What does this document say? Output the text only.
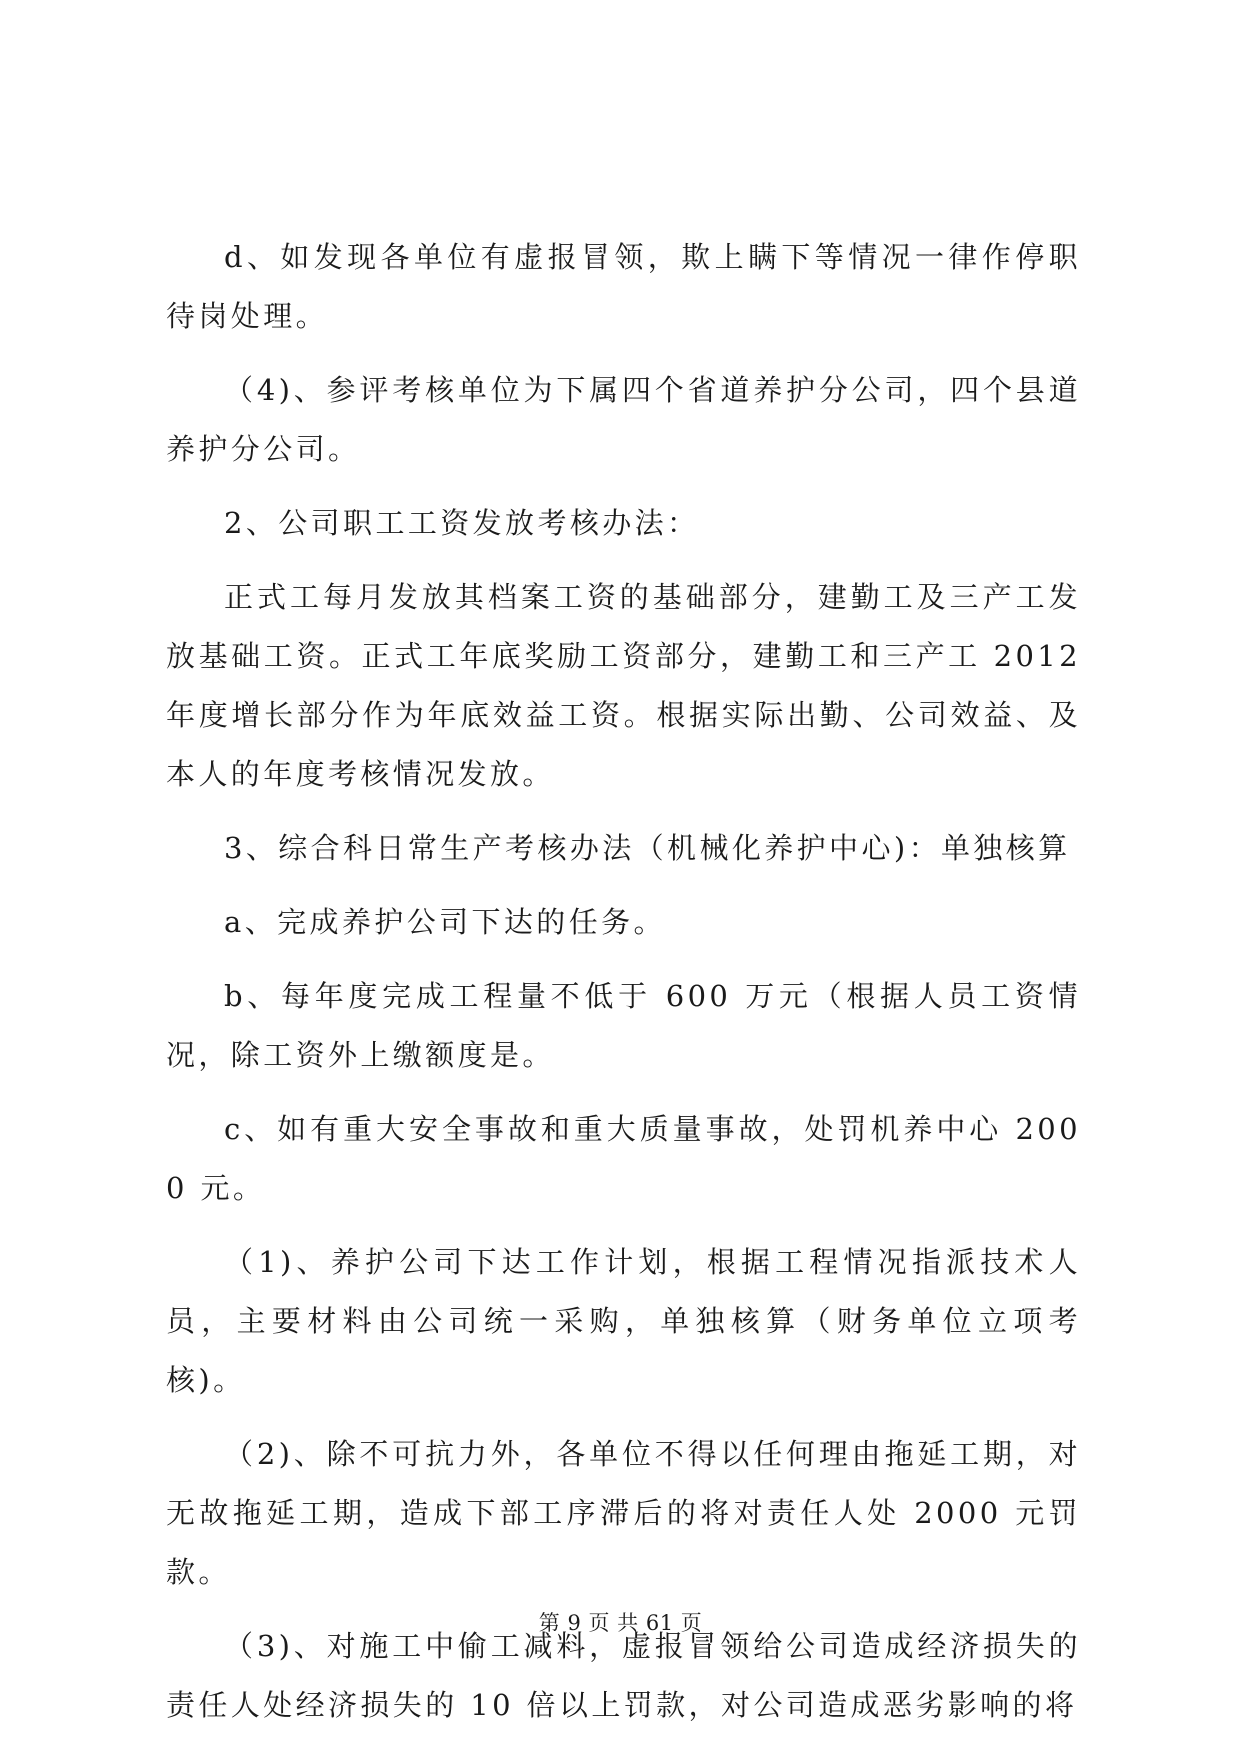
d、如发现各单位有虚报冒领，欺上瞒下等情况一律作停职待岗处理。

（4)、参评考核单位为下属四个省道养护分公司，四个县道养护分公司。

2、公司职工工资发放考核办法：

正式工每月发放其档案工资的基础部分，建勤工及三产工发放基础工资。正式工年底奖励工资部分，建勤工和三产工 2012 年度增长部分作为年底效益工资。根据实际出勤、公司效益、及本人的年度考核情况发放。

3、综合科日常生产考核办法（机械化养护中心)：单独核算

a、完成养护公司下达的任务。

b、每年度完成工程量不低于 600 万元（根据人员工资情况，除工资外上缴额度是。

c、如有重大安全事故和重大质量事故，处罚机养中心 2000 元。

（1)、养护公司下达工作计划，根据工程情况指派技术人员，主要材料由公司统一采购，单独核算（财务单位立项考核)。

（2)、除不可抗力外，各单位不得以任何理由拖延工期，对无故拖延工期，造成下部工序滞后的将对责任人处 2000 元罚款。

（3)、对施工中偷工减料，虚报冒领给公司造成经济损失的责任人处经济损失的 10 倍以上罚款，对公司造成恶劣影响的将

第 9 页 共 61 页
